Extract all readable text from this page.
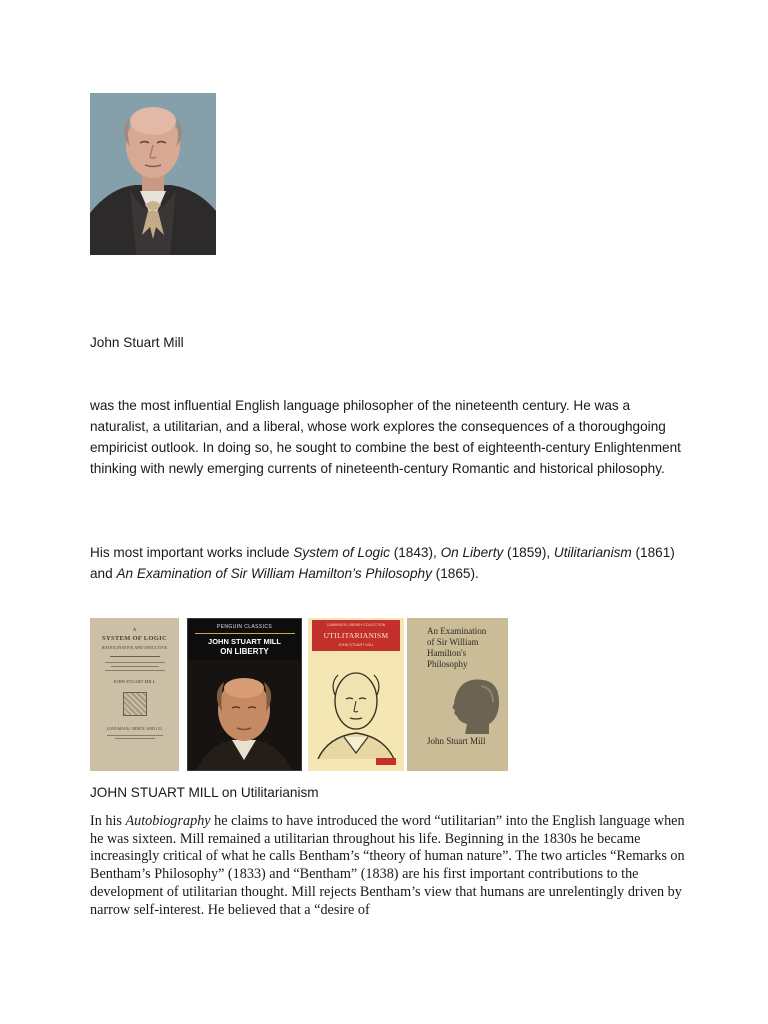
John Stuart Mill

was the most influential English language philosopher of the nineteenth century. He was a naturalist, a utilitarian, and a liberal, whose work explores the consequences of a thoroughgoing empiricist outlook. In doing so, he sought to combine the best of eighteenth-century Enlightenment thinking with newly emerging currents of nineteenth-century Romantic and historical philosophy.

His most important works include System of Logic (1843), On Liberty (1859), Utilitarianism (1861) and An Examination of Sir William Hamilton’s Philosophy (1865).

A
SYSTEM OF LOGIC
RATIOCINATIVE AND INDUCTIVE
JOHN STUART MILL
LONGMANS, GREEN, AND CO.
PENGUIN CLASSICS
JOHN STUART MILL
ON LIBERTY
CAMBRIDGE LIBRARY COLLECTION
UTILITARIANISM
JOHN STUART MILL
An Examination
of Sir William
Hamilton's
Philosophy
John Stuart Mill

JOHN STUART MILL on Utilitarianism

In his Autobiography he claims to have introduced the word “utilitarian” into the English language when he was sixteen. Mill remained a utilitarian throughout his life. Beginning in the 1830s he became increasingly critical of what he calls Bentham’s “theory of human nature”. The two articles “Remarks on Bentham’s Philosophy” (1833) and “Bentham” (1838) are his first important contributions to the development of utilitarian thought. Mill rejects Bentham’s view that humans are unrelentingly driven by narrow self-interest. He believed that a “desire of
